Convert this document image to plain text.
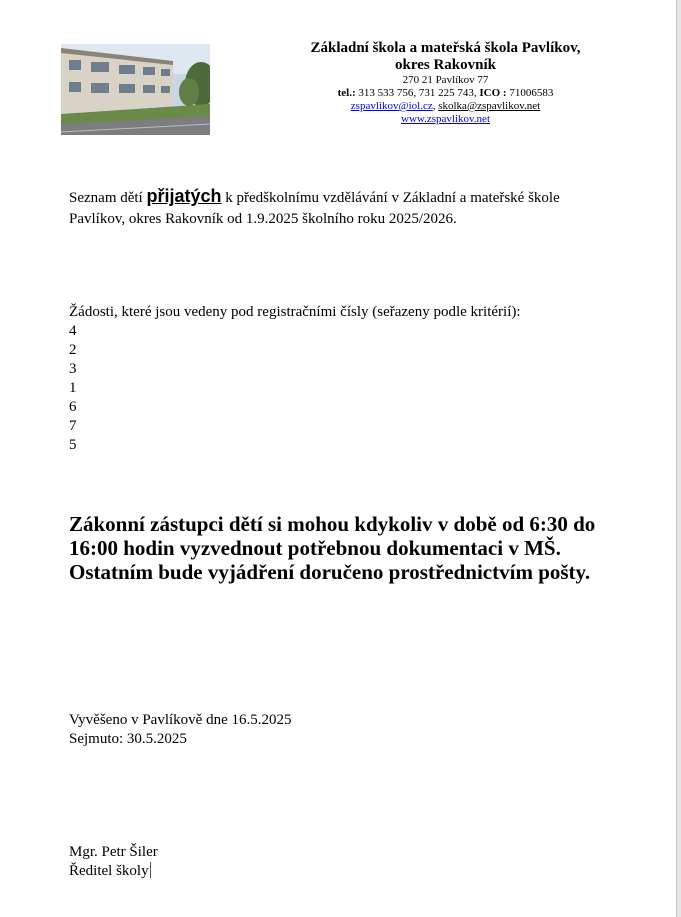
Základní škola a mateřská škola Pavlíkov,
okres Rakovník
270 21 Pavlíkov 77
tel.: 313 533 756, 731 225 743, ICO : 71006583
zspavlikov@iol.cz, skolka@zspavlikov.net
www.zspavlikov.net
Seznam dětí přijatých k předškolnímu vzdělávání v Základní a mateřské škole Pavlíkov, okres Rakovník od 1.9.2025 školního roku 2025/2026.
Žádosti, které jsou vedeny pod registračními čísly (seřazeny podle kritérií):
4
2
3
1
6
7
5
Zákonní zástupci dětí si mohou kdykoliv v době od 6:30 do 16:00 hodin vyzvednout potřebnou dokumentaci v MŠ. Ostatním bude vyjádření doručeno prostřednictvím pošty.
Vyvěšeno v Pavlíkově dne 16.5.2025
Sejmuto: 30.5.2025
Mgr. Petr Šiler
Ředitel školy
